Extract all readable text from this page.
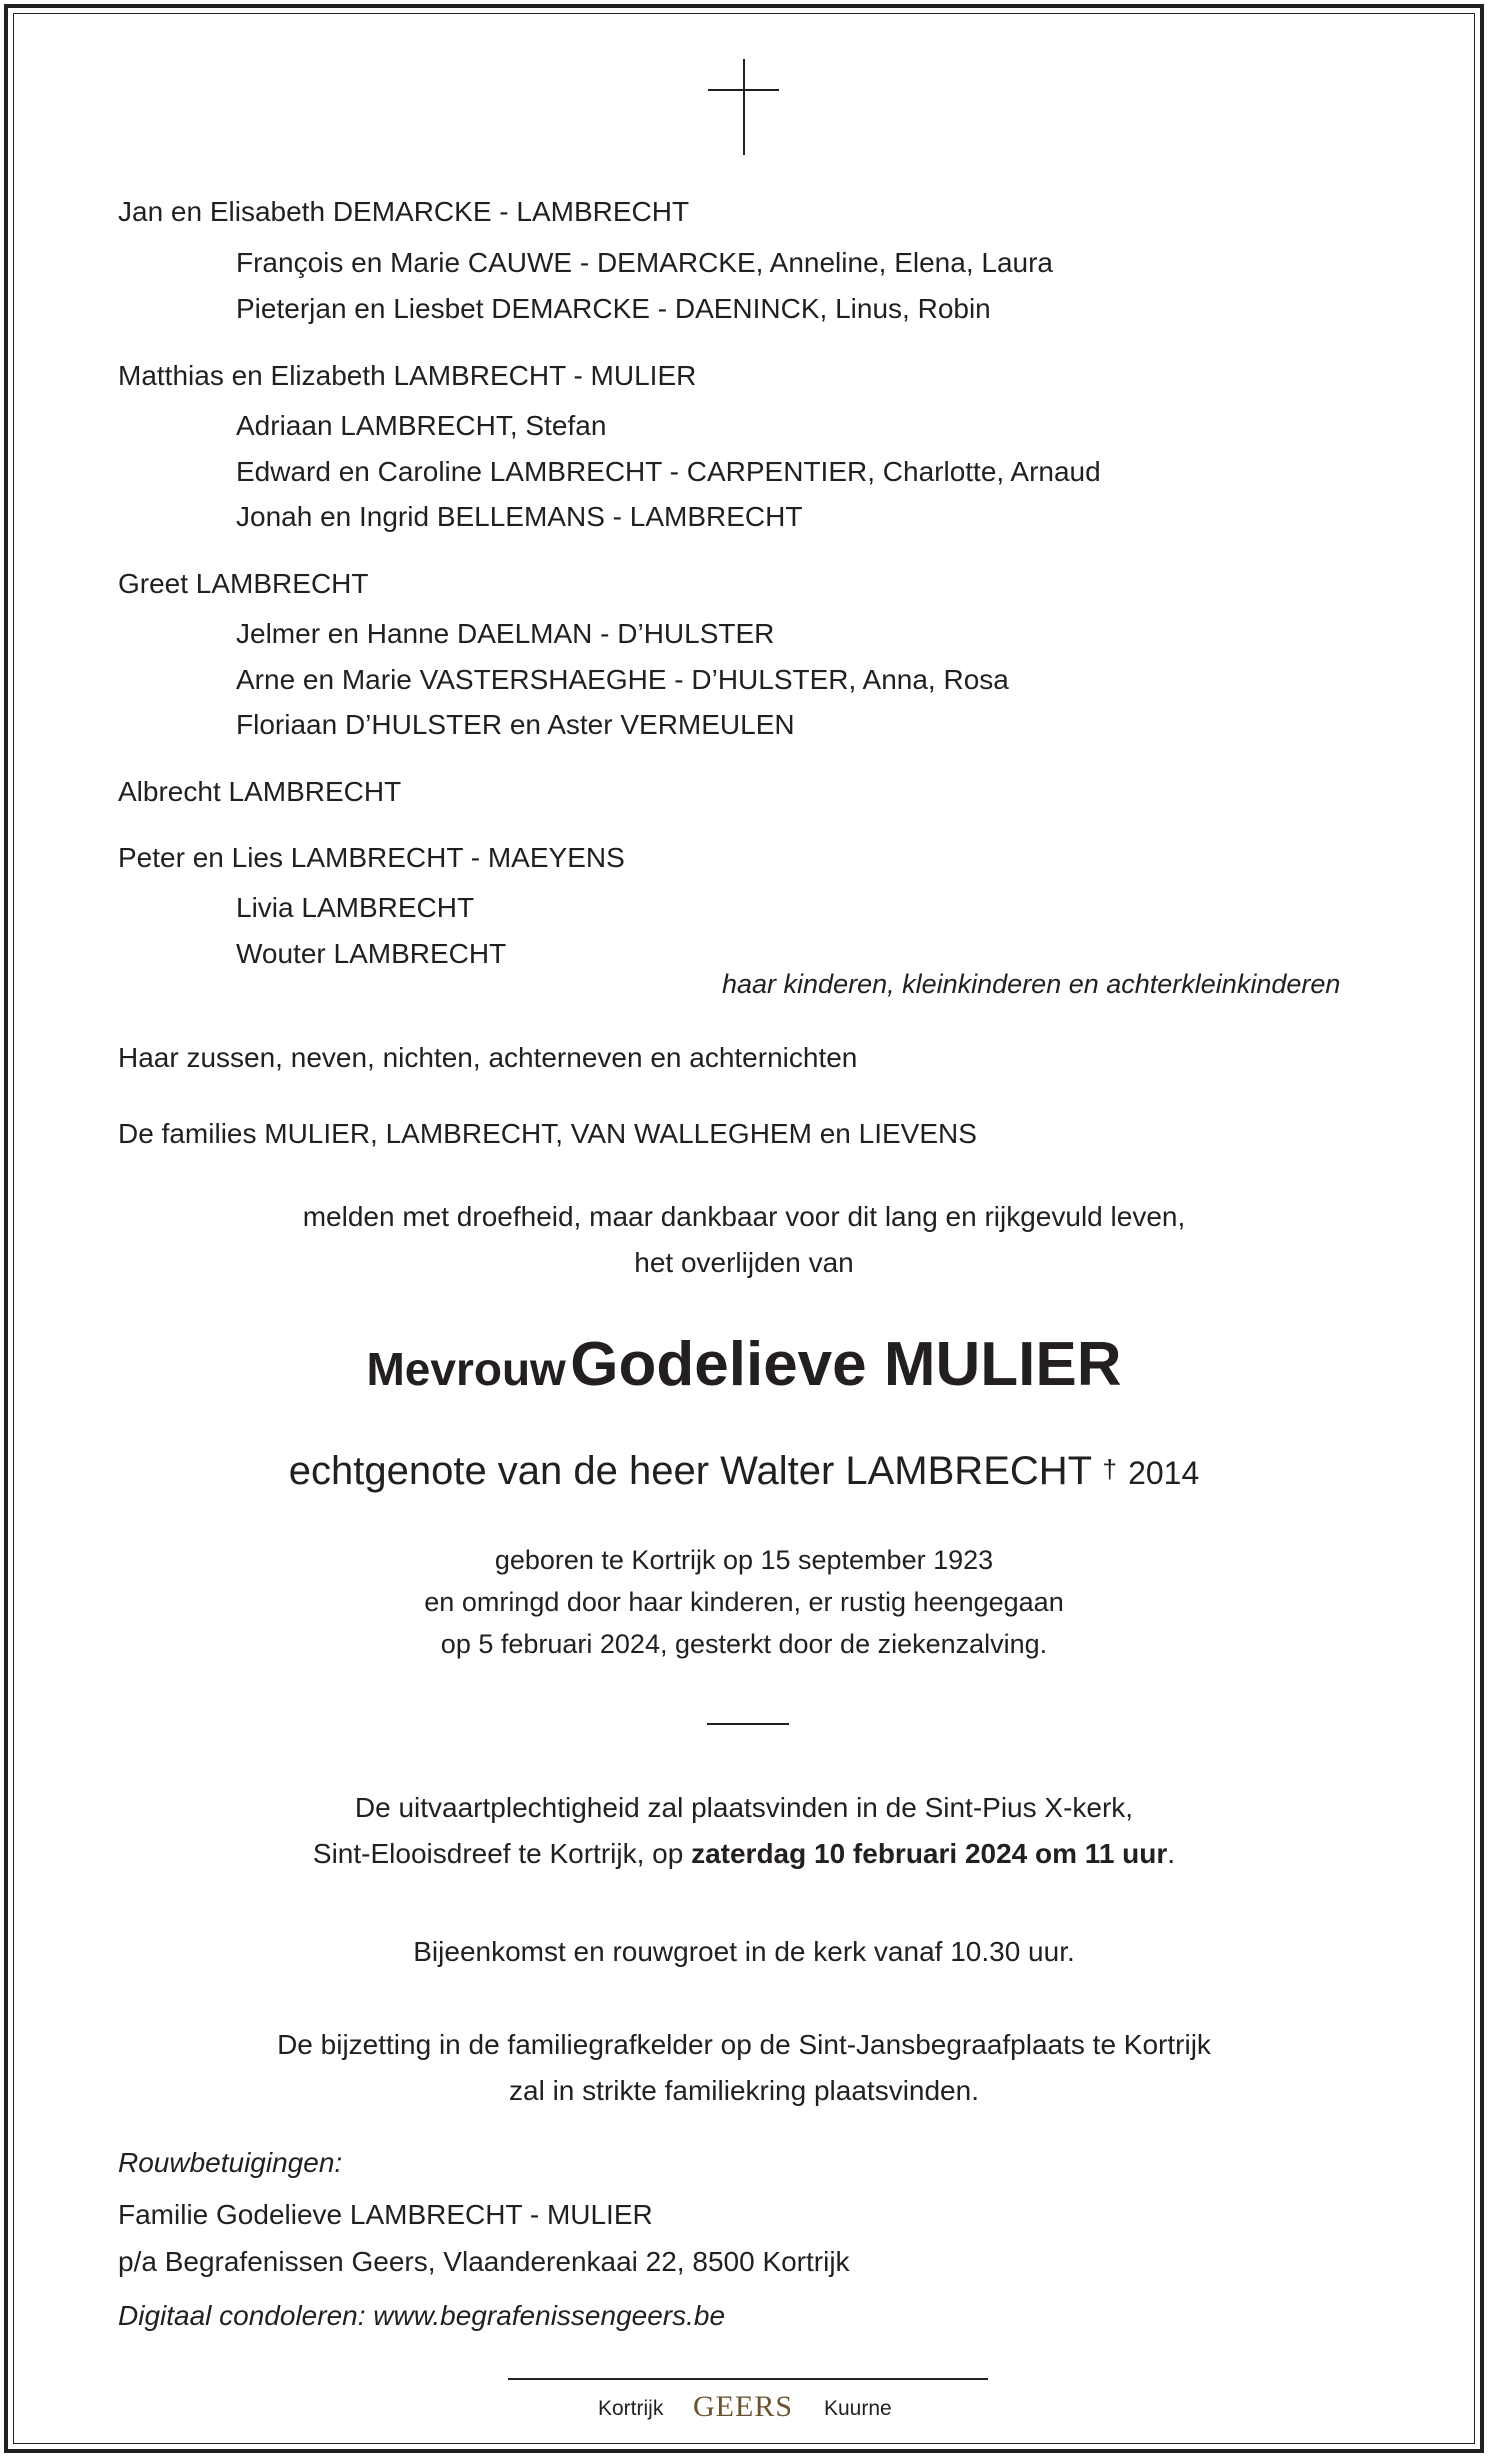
Jan en Elisabeth DEMARCKE - LAMBRECHT
François en Marie CAUWE - DEMARCKE, Anneline, Elena, Laura
Pieterjan en Liesbet DEMARCKE - DAENINCK, Linus, Robin
Matthias en Elizabeth LAMBRECHT - MULIER
Adriaan LAMBRECHT, Stefan
Edward en Caroline LAMBRECHT - CARPENTIER, Charlotte, Arnaud
Jonah en Ingrid BELLEMANS - LAMBRECHT
Greet LAMBRECHT
Jelmer en Hanne DAELMAN - D’HULSTER
Arne en Marie VASTERSHAEGHE - D’HULSTER, Anna, Rosa
Floriaan D’HULSTER en Aster VERMEULEN
Albrecht LAMBRECHT
Peter en Lies LAMBRECHT - MAEYENS
Livia LAMBRECHT
Wouter LAMBRECHT
haar kinderen, kleinkinderen en achterkleinkinderen
Haar zussen, neven, nichten, achterneven en achternichten
De families MULIER, LAMBRECHT, VAN WALLEGHEM en LIEVENS
melden met droefheid, maar dankbaar voor dit lang en rijkgevuld leven,
het overlijden van
Mevrouw Godelieve MULIER
echtgenote van de heer Walter LAMBRECHT † 2014
geboren te Kortrijk op 15 september 1923
en omringd door haar kinderen, er rustig heengegaan
op 5 februari 2024, gesterkt door de ziekenzalving.
De uitvaartplechtigheid zal plaatsvinden in de Sint-Pius X-kerk,
Sint-Elooisdreef te Kortrijk, op zaterdag 10 februari 2024 om 11 uur.
Bijeenkomst en rouwgroet in de kerk vanaf 10.30 uur.
De bijzetting in de familiegrafkelder op de Sint-Jansbegraafplaats te Kortrijk
zal in strikte familiekring plaatsvinden.
Rouwbetuigingen:
Familie Godelieve LAMBRECHT - MULIER
p/a Begrafenissen Geers, Vlaanderenkaai 22, 8500 Kortrijk
Digitaal condoleren: www.begrafenissengeers.be
Kortrijk GEERS Kuurne
